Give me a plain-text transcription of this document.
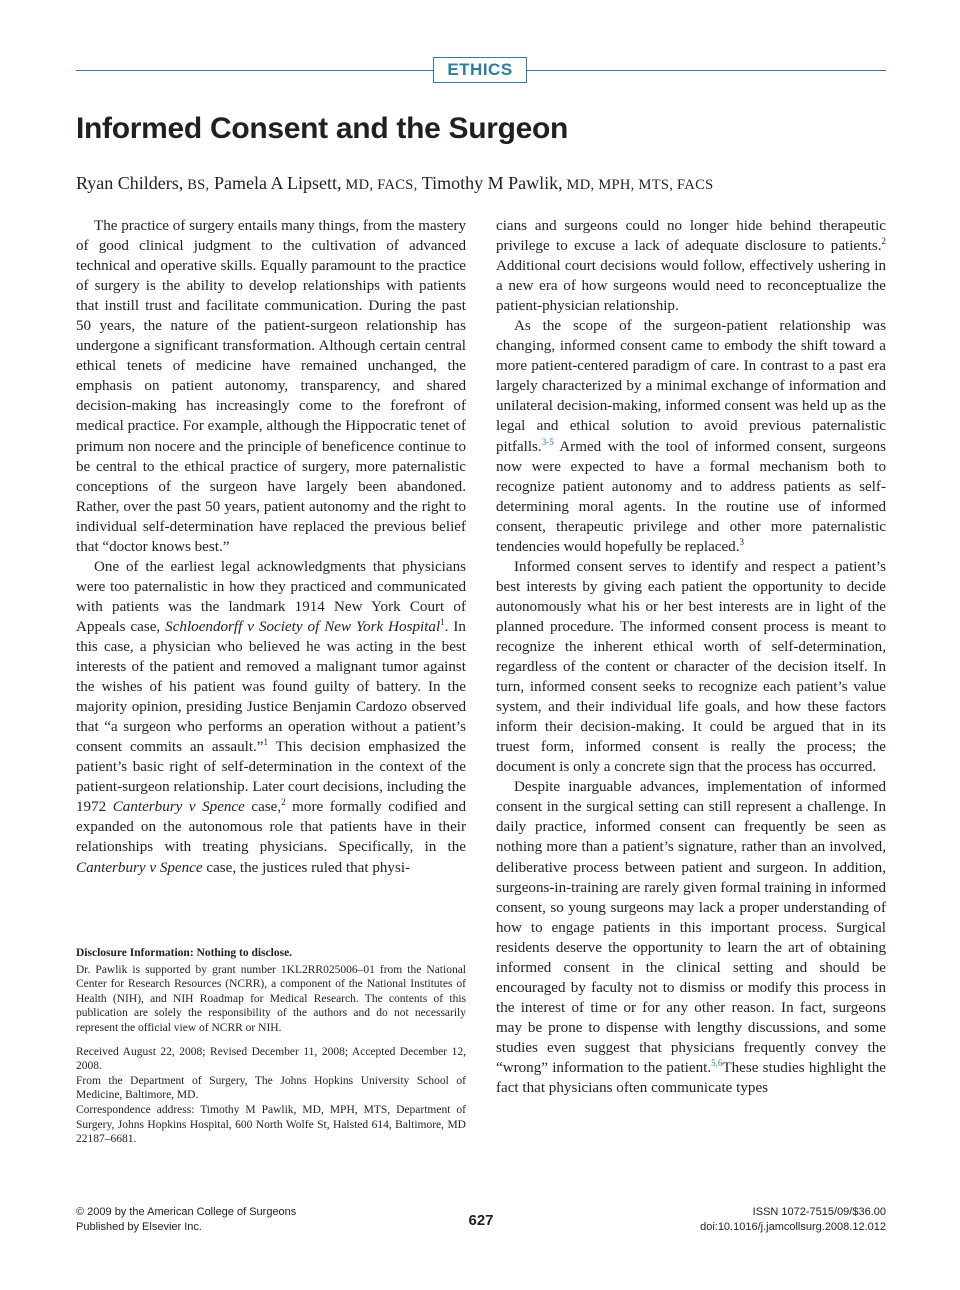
ETHICS
Informed Consent and the Surgeon
Ryan Childers, BS, Pamela A Lipsett, MD, FACS, Timothy M Pawlik, MD, MPH, MTS, FACS

The practice of surgery entails many things, from the mastery of good clinical judgment to the cultivation of advanced technical and operative skills. Equally paramount to the practice of surgery is the ability to develop relationships with patients that instill trust and facilitate communication. During the past 50 years, the nature of the patient-surgeon relationship has undergone a significant transformation. Although certain central ethical tenets of medicine have remained unchanged, the emphasis on patient autonomy, transparency, and shared decision-making has increasingly come to the forefront of medical practice. For example, although the Hippocratic tenet of primum non nocere and the principle of beneficence continue to be central to the ethical practice of surgery, more paternalistic conceptions of the surgeon have largely been abandoned. Rather, over the past 50 years, patient autonomy and the right to individual self-determination have replaced the previous belief that “doctor knows best.”

One of the earliest legal acknowledgments that physicians were too paternalistic in how they practiced and communicated with patients was the landmark 1914 New York Court of Appeals case, Schloendorff v Society of New York Hospital$^1$. In this case, a physician who believed he was acting in the best interests of the patient and removed a malignant tumor against the wishes of his patient was found guilty of battery. In the majority opinion, presiding Justice Benjamin Cardozo observed that “a surgeon who performs an operation without a patient’s consent commits an assault.”$^1$ This decision emphasized the patient’s basic right of self-determination in the context of the patient-surgeon relationship. Later court decisions, including the 1972 Canterbury v Spence case,$^2$ more formally codified and expanded on the autonomous role that patients have in their relationships with treating physicians. Specifically, in the Canterbury v Spence case, the justices ruled that physi-

Disclosure Information: Nothing to disclose.

Dr. Pawlik is supported by grant number 1KL2RR025006–01 from the National Center for Research Resources (NCRR), a component of the National Institutes of Health (NIH), and NIH Roadmap for Medical Research. The contents of this publication are solely the responsibility of the authors and do not necessarily represent the official view of NCRR or NIH.

Received August 22, 2008; Revised December 11, 2008; Accepted December 12, 2008.

From the Department of Surgery, The Johns Hopkins University School of Medicine, Baltimore, MD.

Correspondence address: Timothy M Pawlik, MD, MPH, MTS, Department of Surgery, Johns Hopkins Hospital, 600 North Wolfe St, Halsted 614, Baltimore, MD 22187–6681.

cians and surgeons could no longer hide behind therapeutic privilege to excuse a lack of adequate disclosure to patients.$^2$ Additional court decisions would follow, effectively ushering in a new era of how surgeons would need to reconceptualize the patient-physician relationship.

As the scope of the surgeon-patient relationship was changing, informed consent came to embody the shift toward a more patient-centered paradigm of care. In contrast to a past era largely characterized by a minimal exchange of information and unilateral decision-making, informed consent was held up as the legal and ethical solution to avoid previous paternalistic pitfalls.$^{3-5}$ Armed with the tool of informed consent, surgeons now were expected to have a formal mechanism both to recognize patient autonomy and to address patients as self-determining moral agents. In the routine use of informed consent, therapeutic privilege and other more paternalistic tendencies would hopefully be replaced.$^3$

Informed consent serves to identify and respect a patient’s best interests by giving each patient the opportunity to decide autonomously what his or her best interests are in light of the planned procedure. The informed consent process is meant to recognize the inherent ethical worth of self-determination, regardless of the content or character of the decision itself. In turn, informed consent seeks to recognize each patient’s value system, and their individual life goals, and how these factors inform their decision-making. It could be argued that in its truest form, informed consent is really the process; the document is only a concrete sign that the process has occurred.

Despite inarguable advances, implementation of informed consent in the surgical setting can still represent a challenge. In daily practice, informed consent can frequently be seen as nothing more than a patient’s signature, rather than an involved, deliberative process between patient and surgeon. In addition, surgeons-in-training are rarely given formal training in informed consent, so young surgeons may lack a proper understanding of how to engage patients in this important process. Surgical residents deserve the opportunity to learn the art of obtaining informed consent in the clinical setting and should be encouraged by faculty not to dismiss or modify this process in the interest of time or for any other reason. In fact, surgeons may be prone to dispense with lengthy discussions, and some studies even suggest that physicians frequently convey the “wrong” information to the patient.$^{5,6}$These studies highlight the fact that physicians often communicate types

© 2009 by the American College of Surgeons
Published by Elsevier Inc.	627	ISSN 1072-7515/09/$36.00
doi:10.1016/j.jamcollsurg.2008.12.012
